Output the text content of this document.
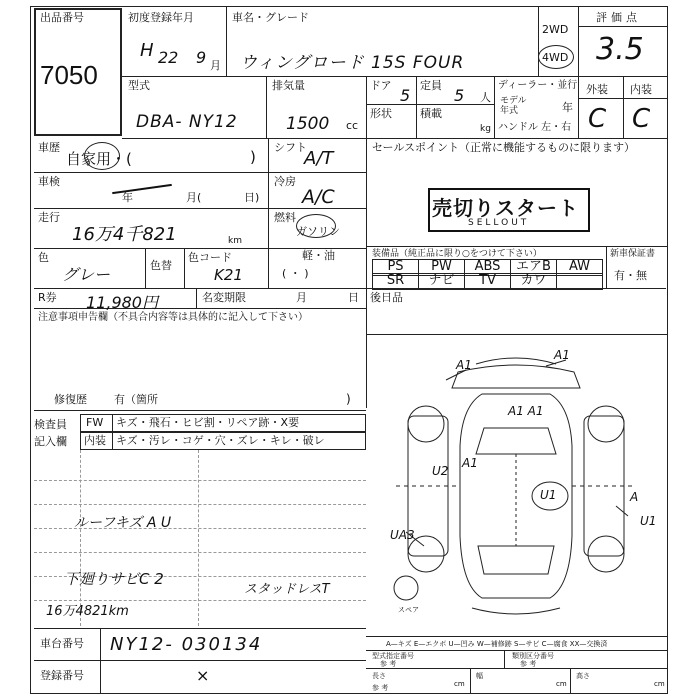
出品番号
7050
初度登録年月
H 22 9 月
車名・グレード
ウィングロード 15S FOUR
2WD
4WD
評価点
3.5
型式
DBA- NY12
排気量
1500 cc
ドア
5
定員
5 人
形状	積載
kg
ディーラー・並行
モデル年式	年
ハンドル 左・右
外装 内装
C C
車歴
自家用・(	)
シフト
A/T
車検
年	月(	日)
冷房
A/C
走行
16万4千821	km
燃料
ガソリン
軽・油
( ・ )
色
グレー	色替
色コード
K21
R券 11,980円	名変期限	月	日
セールスポイント（正常に機能するものに限ります）
売切りスタート
SELLOUT
装備品（純正品に限り○をつけて下さい）	新車保証書
有・無
PS	PW	ABS	エアB	AW
SR	ナビ	TV	カワ
後日品
注意事項申告欄（不具合内容等は具体的に記入して下さい）
修復歴 有（箇所	)
検査員
記入欄
FW キズ・飛石・ヒビ割・リペア跡・X要
内装 キズ・汚レ・コゲ・穴・ズレ・キレ・破レ
ルーフキズ A U
下廻りサビC 2
16万4821km
スタッドレスT
A1
A1
A1 A1
U2
U1
A1
UA3
A
U1
スペア
A—キズ E—エクボ U—凹み W—補修跡 S—サビ C—腐食 XX—交換済
型式指定番号
参 考
類別区分番号
参 考
長さ
cm
参 考
幅
cm
高さ
cm
車台番号 NY12- 030134
登録番号	×
